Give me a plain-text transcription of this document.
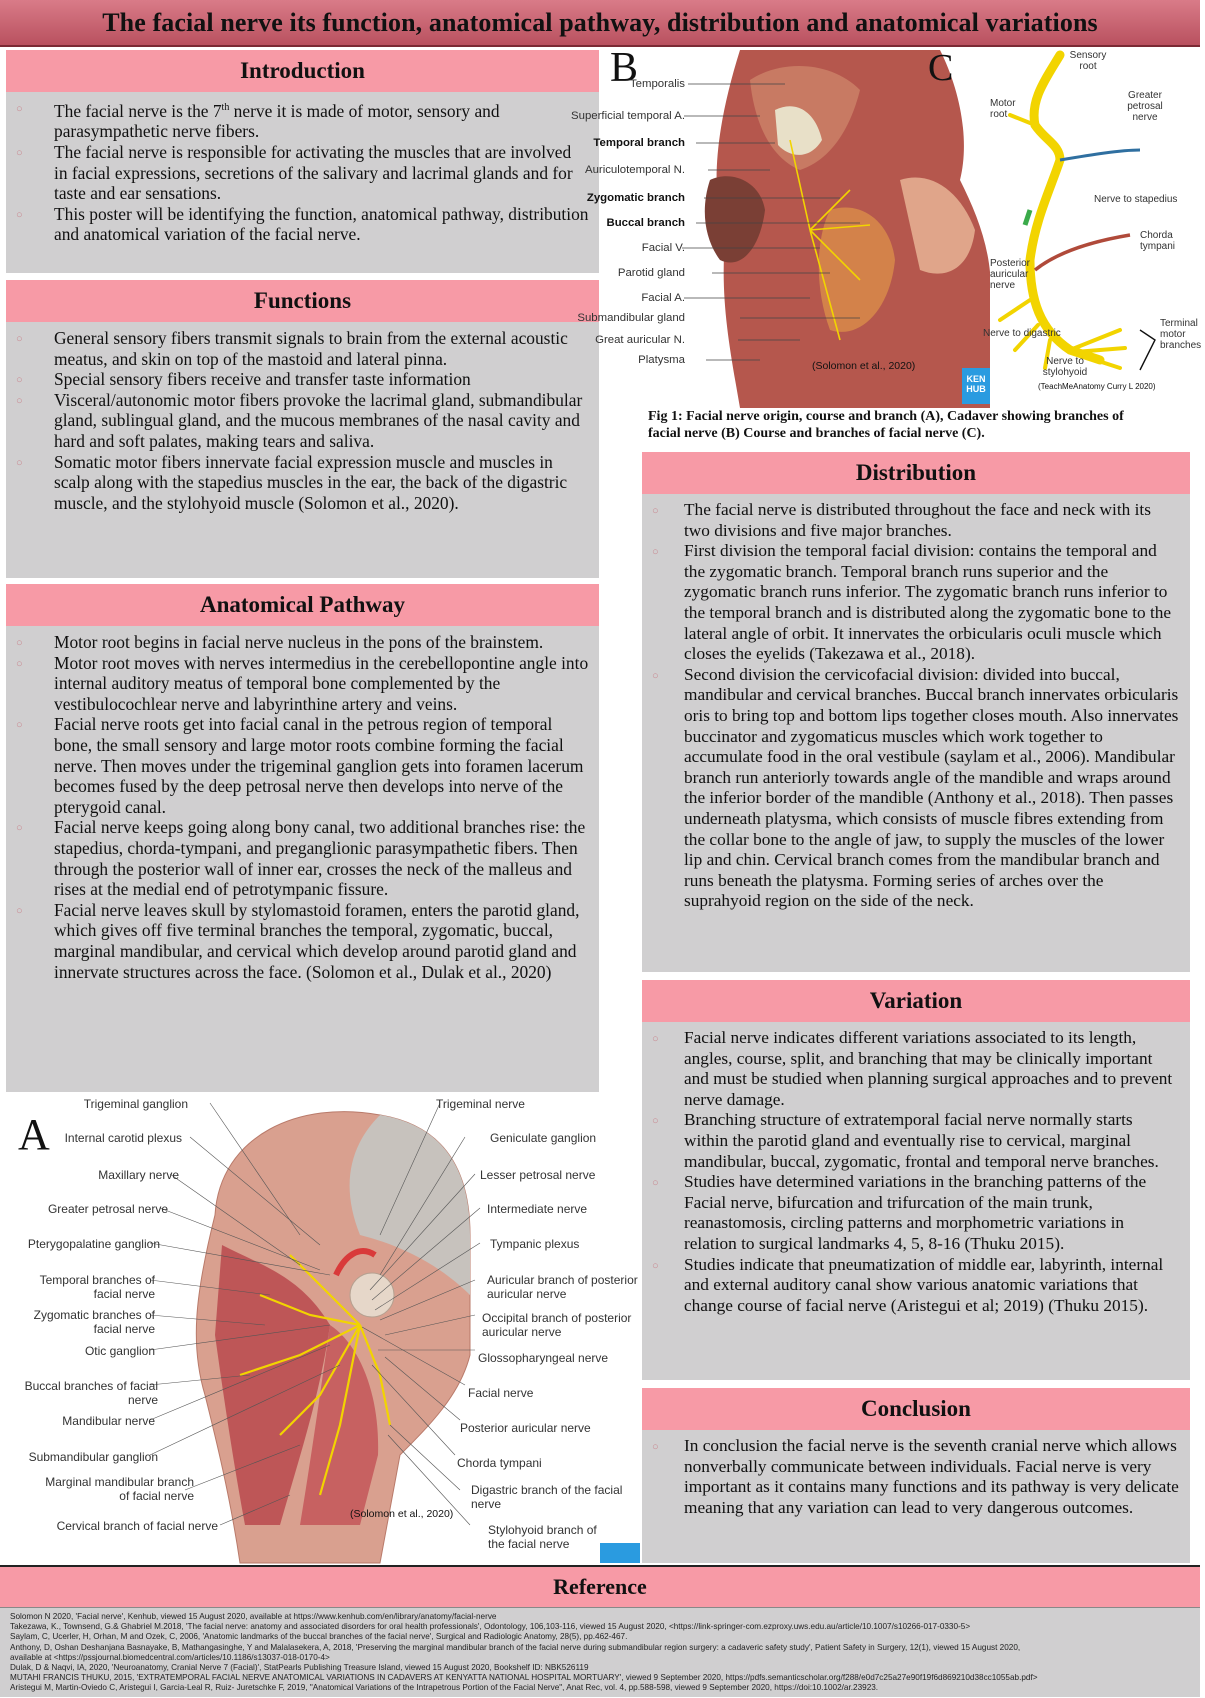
The facial nerve its function, anatomical pathway, distribution and anatomical variations
Introduction
○ The facial nerve is the 7th nerve it is made of motor, sensory and parasympathetic nerve fibers.
○ The facial nerve is responsible for activating the muscles that are involved in facial expressions, secretions of the salivary and lacrimal glands and for taste and ear sensations.
○ This poster will be identifying the function, anatomical pathway, distribution and anatomical variation of the facial nerve.
Functions
○ General sensory fibers transmit signals to brain from the external acoustic meatus, and skin on top of the mastoid and lateral pinna.
○ Special sensory fibers receive and transfer taste information
○ Visceral/autonomic motor fibers provoke the lacrimal gland, submandibular gland, sublingual gland, and the mucous membranes of the nasal cavity and hard and soft palates, making tears and saliva.
○ Somatic motor fibers innervate facial expression muscle and muscles in scalp along with the stapedius muscles in the ear, the back of the digastric muscle, and the stylohyoid muscle (Solomon et al., 2020).
Anatomical Pathway
○ Motor root begins in facial nerve nucleus in the pons of the brainstem.
○ Motor root moves with nerves intermedius in the cerebellopontine angle into internal auditory meatus of temporal bone complemented by the vestibulocochlear nerve and labyrinthine artery and veins.
○ Facial nerve roots get into facial canal in the petrous region of temporal bone, the small sensory and large motor roots combine forming the facial nerve. Then moves under the trigeminal ganglion gets into foramen lacerum becomes fused by the deep petrosal nerve then develops into nerve of the pterygoid canal.
○ Facial nerve keeps going along bony canal, two additional branches rise: the stapedius, chorda-tympani, and preganglionic parasympathetic fibers. Then through the posterior wall of inner ear, crosses the neck of the malleus and rises at the medial end of petrotympanic fissure.
○ Facial nerve leaves skull by stylomastoid foramen, enters the parotid gland, which gives off five terminal branches the temporal, zygomatic, buccal, marginal mandibular, and cervical which develop around parotid gland and innervate structures across the face. (Solomon et al., Dulak et al., 2020)
A
Trigeminal ganglion
Internal carotid plexus
Maxillary nerve
Greater petrosal nerve
Pterygopalatine ganglion
Temporal branches of facial nerve
Zygomatic branches of facial nerve
Otic ganglion
Buccal branches of facial nerve
Mandibular nerve
Submandibular ganglion
Marginal mandibular branch of facial nerve
Cervical branch of facial nerve
Trigeminal nerve
Geniculate ganglion
Lesser petrosal nerve
Intermediate nerve
Tympanic plexus
Auricular branch of posterior auricular nerve
Occipital branch of posterior auricular nerve
Glossopharyngeal nerve
Facial nerve
Posterior auricular nerve
Chorda tympani
Digastric branch of the facial nerve
Stylohyoid branch of the facial nerve
(Solomon et al., 2020)
B
Temporalis
Superficial temporal A.
Temporal branch
Auriculotemporal N.
Zygomatic branch
Buccal branch
Facial V.
Parotid gland
Facial A.
Submandibular gland
Great auricular N.
Platysma	(Solomon et al., 2020)
KEN HUB
C	Sensory root
Motor root
Greater petrosal nerve
Nerve to stapedius
Chorda tympani
Posterior auricular nerve
Nerve to digastric
Nerve to stylohyoid
Terminal motor branches
(TeachMeAnatomy Curry L 2020)
Fig 1: Facial nerve origin, course and branch (A), Cadaver showing branches of facial nerve (B) Course and branches of facial nerve (C).
Distribution
○ The facial nerve is distributed throughout the face and neck with its two divisions and five major branches.
○ First division the temporal facial division: contains the temporal and the zygomatic branch. Temporal branch runs superior and the zygomatic branch runs inferior. The zygomatic branch runs inferior to the temporal branch and is distributed along the zygomatic bone to the lateral angle of orbit. It innervates the orbicularis oculi muscle which closes the eyelids (Takezawa et al., 2018).
○ Second division the cervicofacial division: divided into buccal, mandibular and cervical branches. Buccal branch innervates orbicularis oris to bring top and bottom lips together closes mouth. Also innervates buccinator and zygomaticus muscles which work together to accumulate food in the oral vestibule (saylam et al., 2006). Mandibular branch run anteriorly towards angle of the mandible and wraps around the inferior border of the mandible (Anthony et al., 2018). Then passes underneath platysma, which consists of muscle fibres extending from the collar bone to the angle of jaw, to supply the muscles of the lower lip and chin. Cervical branch comes from the mandibular branch and runs beneath the platysma. Forming series of arches over the suprahyoid region on the side of the neck.
Variation
○ Facial nerve indicates different variations associated to its length, angles, course, split, and branching that may be clinically important and must be studied when planning surgical approaches and to prevent nerve damage.
○ Branching structure of extratemporal facial nerve normally starts within the parotid gland and eventually rise to cervical, marginal mandibular, buccal, zygomatic, frontal and temporal nerve branches.
○ Studies have determined variations in the branching patterns of the Facial nerve, bifurcation and trifurcation of the main trunk, reanastomosis, circling patterns and morphometric variations in relation to surgical landmarks 4, 5, 8-16 (Thuku 2015).
○ Studies indicate that pneumatization of middle ear, labyrinth, internal and external auditory canal show various anatomic variations that change course of facial nerve (Aristegui et al; 2019) (Thuku 2015).
Conclusion
○ In conclusion the facial nerve is the seventh cranial nerve which allows nonverbally communicate between individuals. Facial nerve is very important as it contains many functions and its pathway is very delicate meaning that any variation can lead to very dangerous outcomes.
Reference
Solomon N 2020, 'Facial nerve', Kenhub, viewed 15 August 2020, available at https://www.kenhub.com/en/library/anatomy/facial-nerve
Takezawa, K., Townsend, G.& Ghabriel M.2018, 'The facial nerve: anatomy and associated disorders for oral health professionals', Odontology, 106,103-116, viewed 15 August 2020, <https://link-springer-com.ezproxy.uws.edu.au/article/10.1007/s10266-017-0330-5>
Saylam, C, Ucerler, H, Orhan, M and Ozek, C, 2006, 'Anatomic landmarks of the buccal branches of the facial nerve', Surgical and Radiologic Anatomy, 28(5), pp.462-467.
Anthony, D, Oshan Deshanjana Basnayake, B, Mathangasinghe, Y and Malalasekera, A, 2018, 'Preserving the marginal mandibular branch of the facial nerve during submandibular region surgery: a cadaveric safety study', Patient Safety in Surgery, 12(1), viewed 15 August 2020,
available at <https://pssjournal.biomedcentral.com/articles/10.1186/s13037-018-0170-4>
Dulak, D & Naqvi, IA, 2020, 'Neuroanatomy, Cranial Nerve 7 (Facial)', StatPearls Publishing Treasure Island, viewed 15 August 2020, Bookshelf ID: NBK526119
MUTAHI FRANCIS THUKU, 2015, 'EXTRATEMPORAL FACIAL NERVE ANATOMICAL VARIATIONS IN CADAVERS AT KENYATTA NATIONAL HOSPITAL MORTUARY', viewed 9 September 2020, https://pdfs.semanticscholar.org/f288/e0d7c25a27e90f19f6d869210d38cc1055ab.pdf>
Aristegui M, Martin-Oviedo C, Aristegui I, Garcia-Leal R, Ruiz- Juretschke F, 2019, "Anatomical Variations of the Intrapetrous Portion of the Facial Nerve", Anat Rec, vol. 4, pp.588-598, viewed 9 September 2020, https://doi:10.1002/ar.23923.
